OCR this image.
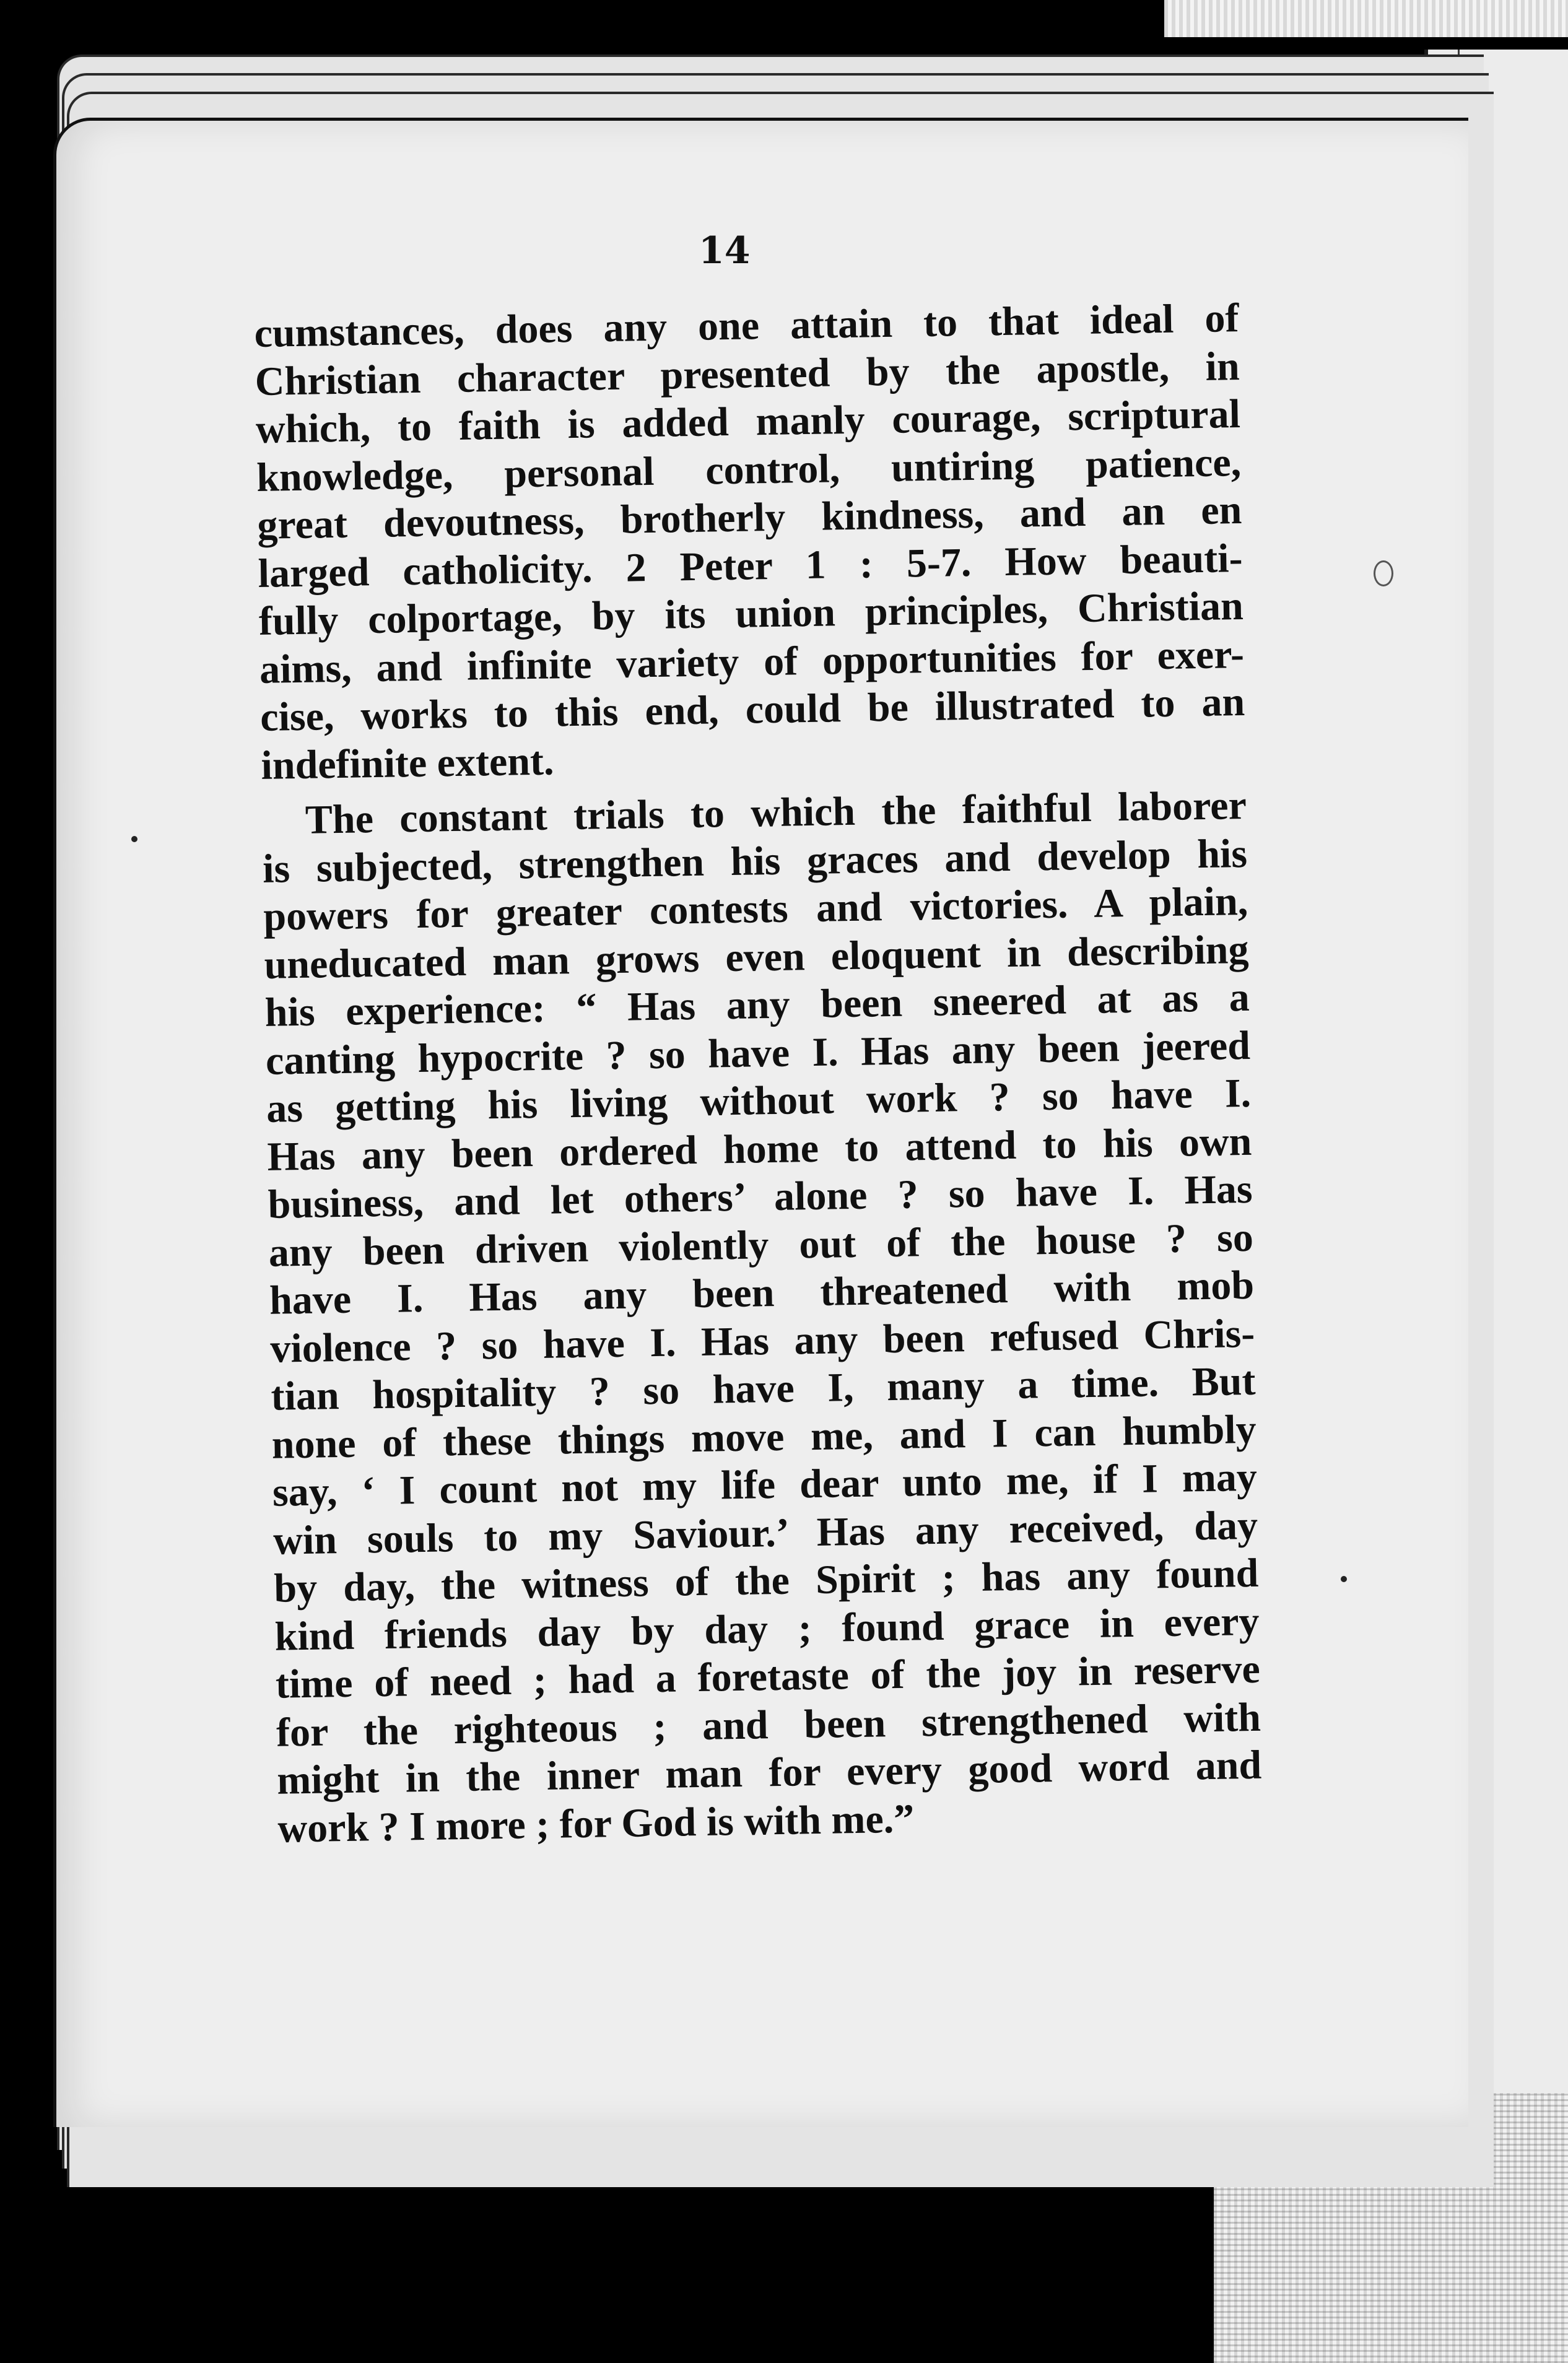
14
cumstances, does any one attain to that ideal of
Christian character presented by the apostle, in
which, to faith is added manly courage, scriptural
knowledge, personal control, untiring patience,
great devoutness, brotherly kindness, and an en
larged catholicity. 2 Peter 1 : 5-7. How beauti-
fully colportage, by its union principles, Christian
aims, and infinite variety of opportunities for exer-
cise, works to this end, could be illustrated to an
indefinite extent.
The constant trials to which the faithful laborer
is subjected, strengthen his graces and develop his
powers for greater contests and victories. A plain,
uneducated man grows even eloquent in describing
his experience: “ Has any been sneered at as a
canting hypocrite ? so have I. Has any been jeered
as getting his living without work ? so have I.
Has any been ordered home to attend to his own
business, and let others’ alone ? so have I. Has
any been driven violently out of the house ? so
have I. Has any been threatened with mob
violence ? so have I. Has any been refused Chris-
tian hospitality ? so have I, many a time. But
none of these things move me, and I can humbly
say, ‘ I count not my life dear unto me, if I may
win souls to my Saviour.’ Has any received, day
by day, the witness of the Spirit ; has any found
kind friends day by day ; found grace in every
time of need ; had a foretaste of the joy in reserve
for the righteous ; and been strengthened with
might in the inner man for every good word and
work ? I more ; for God is with me.”
